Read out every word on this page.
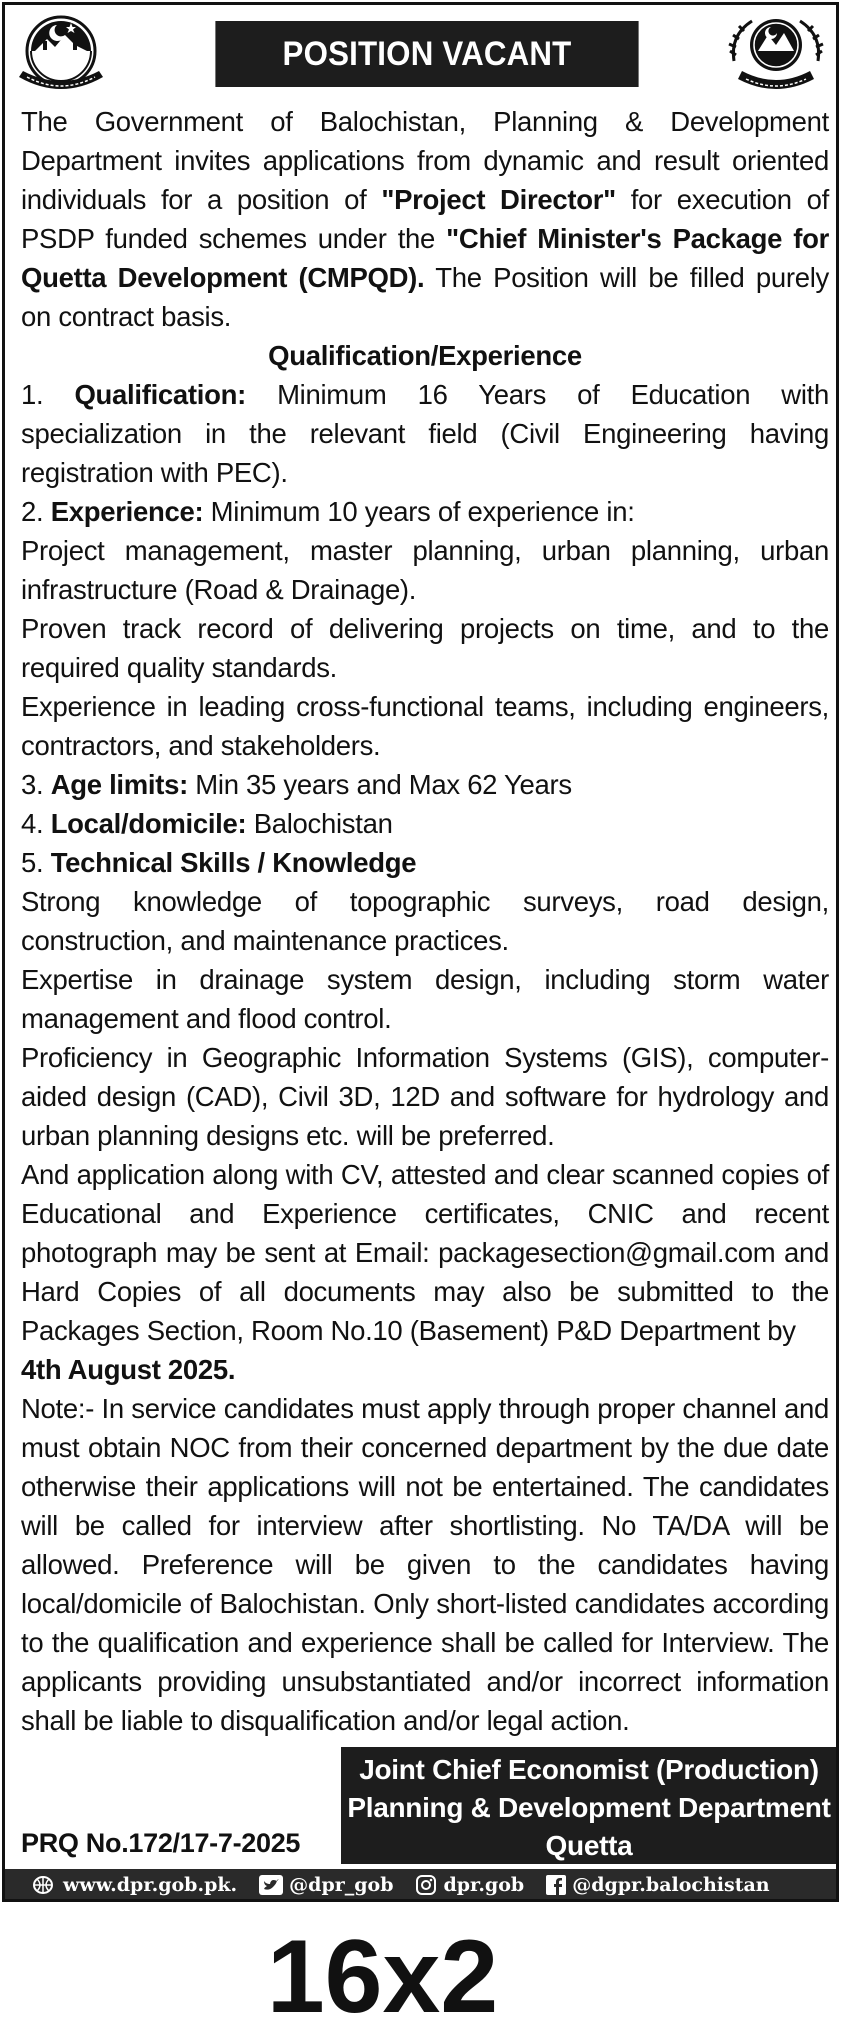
POSITION VACANT

The Government of Balochistan, Planning & Development Department invites applications from dynamic and result oriented individuals for a position of "Project Director" for execution of PSDP funded schemes under the "Chief Minister's Package for Quetta Development (CMPQD). The Position will be filled purely on contract basis.

Qualification/Experience

1. Qualification: Minimum 16 Years of Education with specialization in the relevant field (Civil Engineering having registration with PEC).

2. Experience: Minimum 10 years of experience in:

Project management, master planning, urban planning, urban infrastructure (Road & Drainage).

Proven track record of delivering projects on time, and to the required quality standards.

Experience in leading cross-functional teams, including engineers, contractors, and stakeholders.

3. Age limits: Min 35 years and Max 62 Years

4. Local/domicile: Balochistan

5. Technical Skills / Knowledge

Strong knowledge of topographic surveys, road design, construction, and maintenance practices.

Expertise in drainage system design, including storm water management and flood control.

Proficiency in Geographic Information Systems (GIS), computer-aided design (CAD), Civil 3D, 12D and software for hydrology and urban planning designs etc. will be preferred.

And application along with CV, attested and clear scanned copies of Educational and Experience certificates, CNIC and recent photograph may be sent at Email: packagesection@gmail.com and Hard Copies of all documents may also be submitted to the Packages Section, Room No.10 (Basement) P&D Department by
4th August 2025.

Note:- In service candidates must apply through proper channel and must obtain NOC from their concerned department by the due date otherwise their applications will not be entertained. The candidates will be called for interview after shortlisting. No TA/DA will be allowed. Preference will be given to the candidates having local/domicile of Balochistan. Only short-listed candidates according to the qualification and experience shall be called for Interview. The applicants providing unsubstantiated and/or incorrect information shall be liable to disqualification and/or legal action.

Joint Chief Economist (Production)
Planning & Development Department
Quetta
PRQ No.172/17-7-2025
www.dpr.gob.pk.	@dpr_gob	dpr.gob	@dgpr.balochistan
16x2
